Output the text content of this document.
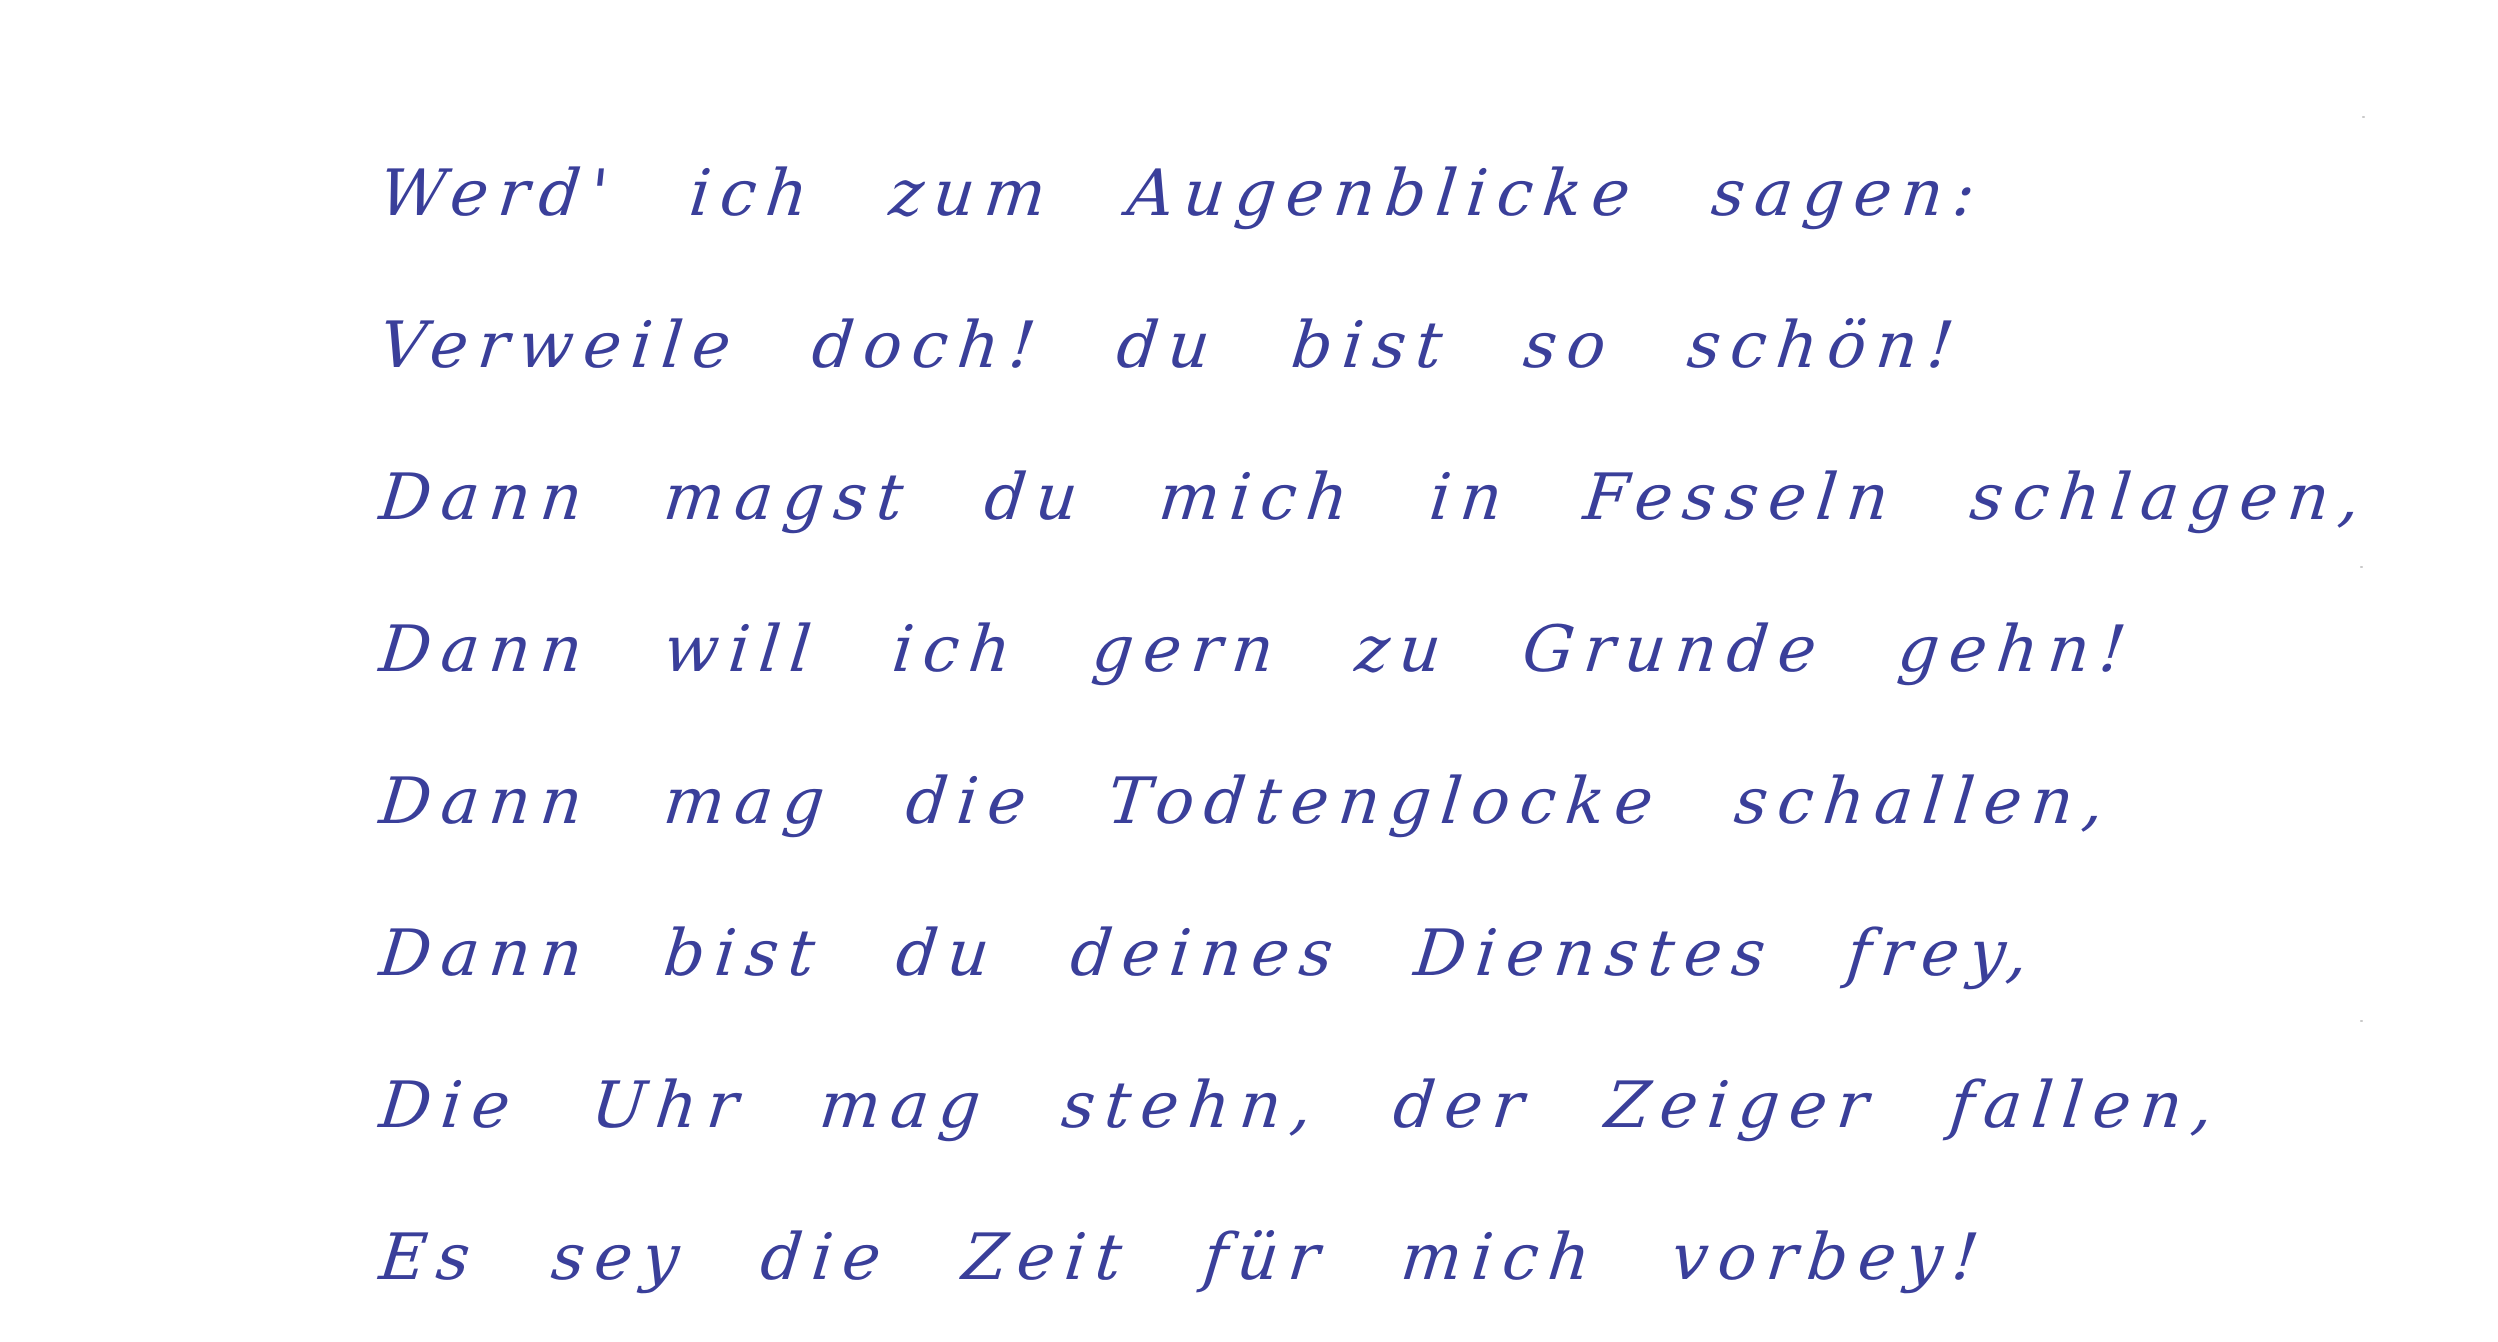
Werd' ich zum Augenblicke sagen:
Verweile doch! du bist so schön!
Dann magst du mich in Fesseln schlagen,
Dann will ich gern zu Grunde gehn!
Dann mag die Todtenglocke schallen,
Dann bist du deines Dienstes frey,
Die Uhr mag stehn, der Zeiger fallen,
Es sey die Zeit für mich vorbey!
